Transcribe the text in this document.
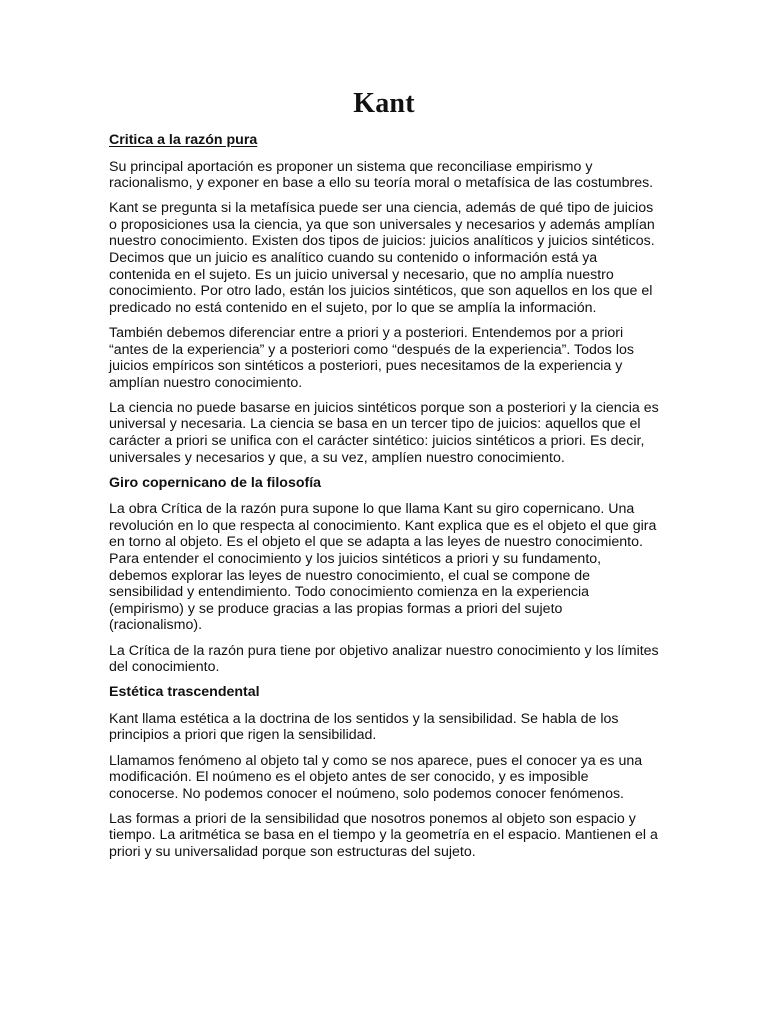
Kant
Critica a la razón pura

Su principal aportación es proponer un sistema que reconciliase empirismo y racionalismo, y exponer en base a ello su teoría moral o metafísica de las costumbres.

Kant se pregunta si la metafísica puede ser una ciencia, además de qué tipo de juicios o proposiciones usa la ciencia, ya que son universales y necesarios y además amplían nuestro conocimiento. Existen dos tipos de juicios: juicios analíticos y juicios sintéticos. Decimos que un juicio es analítico cuando su contenido o información está ya contenida en el sujeto. Es un juicio universal y necesario, que no amplía nuestro conocimiento. Por otro lado, están los juicios sintéticos, que son aquellos en los que el predicado no está contenido en el sujeto, por lo que se amplía la información.

También debemos diferenciar entre a priori y a posteriori. Entendemos por a priori “antes de la experiencia” y a posteriori como “después de la experiencia”. Todos los juicios empíricos son sintéticos a posteriori, pues necesitamos de la experiencia y amplían nuestro conocimiento.

La ciencia no puede basarse en juicios sintéticos porque son a posteriori y la ciencia es universal y necesaria. La ciencia se basa en un tercer tipo de juicios: aquellos que el carácter a priori se unifica con el carácter sintético: juicios sintéticos a priori. Es decir, universales y necesarios y que, a su vez, amplíen nuestro conocimiento.

Giro copernicano de la filosofía

La obra Crítica de la razón pura supone lo que llama Kant su giro copernicano. Una revolución en lo que respecta al conocimiento. Kant explica que es el objeto el que gira en torno al objeto. Es el objeto el que se adapta a las leyes de nuestro conocimiento. Para entender el conocimiento y los juicios sintéticos a priori y su fundamento, debemos explorar las leyes de nuestro conocimiento, el cual se compone de sensibilidad y entendimiento. Todo conocimiento comienza en la experiencia (empirismo) y se produce gracias a las propias formas a priori del sujeto (racionalismo).

La Crítica de la razón pura tiene por objetivo analizar nuestro conocimiento y los límites del conocimiento.

Estética trascendental

Kant llama estética a la doctrina de los sentidos y la sensibilidad. Se habla de los principios a priori que rigen la sensibilidad.

Llamamos fenómeno al objeto tal y como se nos aparece, pues el conocer ya es una modificación. El noúmeno es el objeto antes de ser conocido, y es imposible conocerse. No podemos conocer el noúmeno, solo podemos conocer fenómenos.

Las formas a priori de la sensibilidad que nosotros ponemos al objeto son espacio y tiempo. La aritmética se basa en el tiempo y la geometría en el espacio. Mantienen el a priori y su universalidad porque son estructuras del sujeto.
